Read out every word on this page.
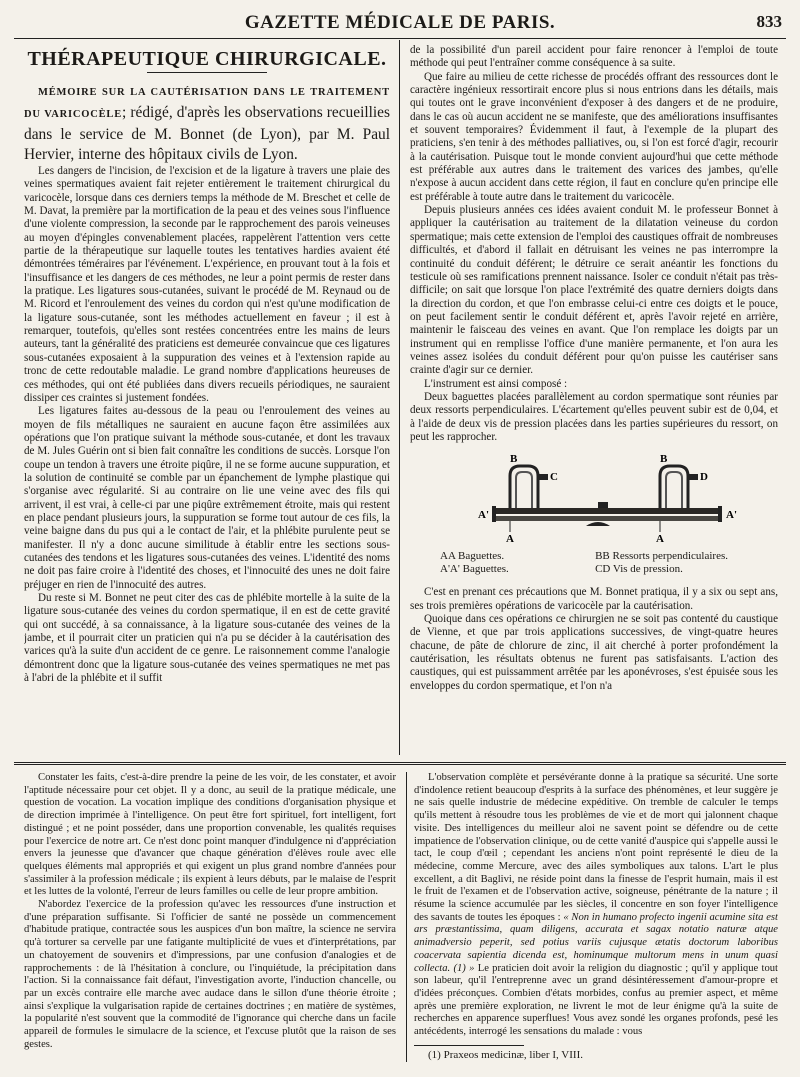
GAZETTE MÉDICALE DE PARIS.	833
THÉRAPEUTIQUE CHIRURGICALE.

MÉMOIRE SUR LA CAUTÉRISATION DANS LE TRAITEMENT DU VARICOCÈLE; rédigé, d'après les observations recueillies dans le service de M. Bonnet (de Lyon), par M. Paul Hervier, interne des hôpitaux civils de Lyon.

Les dangers de l'incision, de l'excision et de la ligature à travers une plaie des veines spermatiques avaient fait rejeter entièrement le traitement chirurgical du varicocèle, lorsque dans ces derniers temps la méthode de M. Breschet et celle de M. Davat, la première par la mortification de la peau et des veines sous l'influence d'une violente compression, la seconde par le rapprochement des parois veineuses au moyen d'épingles convenablement placées, rappelèrent l'attention vers cette partie de la thérapeutique sur laquelle toutes les tentatives hardies avaient été démontrées téméraires par l'événement. L'expérience, en prouvant tout à la fois et l'insuffisance et les dangers de ces méthodes, ne leur a point permis de rester dans la pratique. Les ligatures sous-cutanées, suivant le procédé de M. Reynaud ou de M. Ricord et l'enroulement des veines du cordon qui n'est qu'une modification de la ligature sous-cutanée, sont les méthodes actuellement en faveur ; il est à remarquer, toutefois, qu'elles sont restées concentrées entre les mains de leurs auteurs, tant la généralité des praticiens est demeurée convaincue que ces ligatures sous-cutanées exposaient à la suppuration des veines et à l'extension rapide au tronc de cette redoutable maladie. Le grand nombre d'applications heureuses de ces méthodes, qui ont été publiées dans divers recueils périodiques, ne sauraient dissiper ces craintes si justement fondées.

Les ligatures faites au-dessous de la peau ou l'enroulement des veines au moyen de fils métalliques ne sauraient en aucune façon être assimilées aux opérations que l'on pratique suivant la méthode sous-cutanée, et dont les travaux de M. Jules Guérin ont si bien fait connaître les conditions de succès. Lorsque l'on coupe un tendon à travers une étroite piqûre, il ne se forme aucune suppuration, et la solution de continuité se comble par un épanchement de lymphe plastique qui s'organise avec régularité. Si au contraire on lie une veine avec des fils qui arrivent, il est vrai, à celle-ci par une piqûre extrêmement étroite, mais qui restent en place pendant plusieurs jours, la suppuration se forme tout autour de ces fils, la veine baigne dans du pus qui a le contact de l'air, et la phlébite purulente peut se manifester. Il n'y a donc aucune similitude à établir entre les sections sous-cutanées des tendons et les ligatures sous-cutanées des veines. L'identité des noms ne doit pas faire croire à l'identité des choses, et l'innocuité des unes ne doit faire préjuger en rien de l'innocuité des autres.

Du reste si M. Bonnet ne peut citer des cas de phlébite mortelle à la suite de la ligature sous-cutanée des veines du cordon spermatique, il en est de cette gravité qui ont succédé, à sa connaissance, à la ligature sous-cutanée des veines de la jambe, et il pourrait citer un praticien qui n'a pu se décider à la cautérisation des varices qu'à la suite d'un accident de ce genre. Le raisonnement comme l'analogie démontrent donc que la ligature sous-cutanée des veines spermatiques ne met pas à l'abri de la phlébite et il suffit

de la possibilité d'un pareil accident pour faire renoncer à l'emploi de toute méthode qui peut l'entraîner comme conséquence à sa suite.

Que faire au milieu de cette richesse de procédés offrant des ressources dont le caractère ingénieux ressortirait encore plus si nous entrions dans les détails, mais qui toutes ont le grave inconvénient d'exposer à des dangers et de ne produire, dans le cas où aucun accident ne se manifeste, que des améliorations insuffisantes et souvent temporaires? Évidemment il faut, à l'exemple de la plupart des praticiens, s'en tenir à des méthodes palliatives, ou, si l'on est forcé d'agir, recourir à la cautérisation. Puisque tout le monde convient aujourd'hui que cette méthode est préférable aux autres dans le traitement des varices des jambes, qu'elle n'expose à aucun accident dans cette région, il faut en conclure qu'en principe elle est préférable à toute autre dans le traitement du varicocèle.

Depuis plusieurs années ces idées avaient conduit M. le professeur Bonnet à appliquer la cautérisation au traitement de la dilatation veineuse du cordon spermatique; mais cette extension de l'emploi des caustiques offrait de nombreuses difficultés, et d'abord il fallait en détruisant les veines ne pas interrompre la continuité du conduit déférent; le détruire ce serait anéantir les fonctions du testicule où ses ramifications prennent naissance. Isoler ce conduit n'était pas très-difficile; on sait que lorsque l'on place l'extrémité des quatre derniers doigts dans la direction du cordon, et que l'on embrasse celui-ci entre ces doigts et le pouce, on peut facilement sentir le conduit déférent et, après l'avoir rejeté en arrière, maintenir le faisceau des veines en avant. Que l'on remplace les doigts par un instrument qui en remplisse l'office d'une manière permanente, et l'on aura les veines assez isolées du conduit déférent pour qu'on puisse les cautériser sans crainte d'agir sur ce dernier.

L'instrument est ainsi composé :

Deux baguettes placées parallèlement au cordon spermatique sont réunies par deux ressorts perpendiculaires. L'écartement qu'elles peuvent subir est de 0,04, et à l'aide de deux vis de pression placées dans les parties supérieures du ressort, on peut les rapprocher.

B	B
C	D
A'	A'
A	A
AA Baguettes.
A'A' Baguettes.
BB Ressorts perpendiculaires.
CD Vis de pression.

C'est en prenant ces précautions que M. Bonnet pratiqua, il y a six ou sept ans, ses trois premières opérations de varicocèle par la cautérisation.

Quoique dans ces opérations ce chirurgien ne se soit pas contenté du caustique de Vienne, et que par trois applications successives, de vingt-quatre heures chacune, de pâte de chlorure de zinc, il ait cherché à porter profondément la cautérisation, les résultats obtenus ne furent pas satisfaisants. L'action des caustiques, qui est puissamment arrêtée par les aponévroses, s'est épuisée sous les enveloppes du cordon spermatique, et l'on n'a

Constater les faits, c'est-à-dire prendre la peine de les voir, de les constater, et avoir l'aptitude nécessaire pour cet objet. Il y a donc, au seuil de la pratique médicale, une question de vocation. La vocation implique des conditions d'organisation physique et de direction imprimée à l'intelligence. On peut être fort spirituel, fort intelligent, fort distingué ; et ne point posséder, dans une proportion convenable, les qualités requises pour l'exercice de notre art. Ce n'est donc point manquer d'indulgence ni d'appréciation envers la jeunesse que d'avancer que chaque génération d'élèves roule avec elle quelques éléments mal appropriés et qui exigent un plus grand nombre d'années pour s'assimiler à la profession médicale ; ils expient à leurs débuts, par le malaise de l'esprit et les luttes de la volonté, l'erreur de leurs familles ou celle de leur propre ambition.

N'abordez l'exercice de la profession qu'avec les ressources d'une instruction et d'une préparation suffisante. Si l'officier de santé ne possède un commencement d'habitude pratique, contractée sous les auspices d'un bon maître, la science ne servira qu'à torturer sa cervelle par une fatigante multiplicité de vues et d'interprétations, par un chatoyement de souvenirs et d'impressions, par une confusion d'analogies et de rapprochements : de là l'hésitation à conclure, ou l'inquiétude, la précipitation dans l'action. Si la connaissance fait défaut, l'investigation avorte, l'induction chancelle, ou par un excès contraire elle marche avec audace dans le sillon d'une théorie étroite ; ainsi s'explique la vulgarisation rapide de certaines doctrines ; en matière de systèmes, la popularité n'est souvent que la commodité de l'ignorance qui cherche dans un facile appareil de formules le simulacre de la science, et l'excuse plutôt que la raison de ses gestes.

L'observation complète et persévérante donne à la pratique sa sécurité. Une sorte d'indolence retient beaucoup d'esprits à la surface des phénomènes, et leur suggère je ne sais quelle industrie de médecine expéditive. On tremble de calculer le temps qu'ils mettent à résoudre tous les problèmes de vie et de mort qui jalonnent chaque visite. Des intelligences du meilleur aloi ne savent point se défendre ou de cette impatience de l'observation clinique, ou de cette vanité d'auspice qui s'appelle aussi le tact, le coup d'œil ; cependant les anciens n'ont point représenté le dieu de la médecine, comme Mercure, avec des ailes symboliques aux talons. L'art le plus excellent, a dit Baglivi, ne réside point dans la finesse de l'esprit humain, mais il est le fruit de l'examen et de l'observation active, soigneuse, pénétrante de la nature ; il résume la science accumulée par les siècles, il concentre en son foyer l'intelligence des savants de toutes les époques : « Non in humano profecto ingenii acumine sita est ars præstantissima, quam diligens, accurata et sagax notatio naturæ atque animadversio peperit, sed potius variis cujusque ætatis doctorum laboribus coacervata sapientia dicenda est, hominumque multorum mens in unum quasi collecta. (1) » Le praticien doit avoir la religion du diagnostic ; qu'il y applique tout son labeur, qu'il l'entreprenne avec un grand désintéressement d'amour-propre et d'idées préconçues. Combien d'états morbides, confus au premier aspect, et même après une première exploration, ne livrent le mot de leur énigme qu'à la suite de recherches en apparence superflues! Vous avez sondé les organes profonds, pesé les antécédents, interrogé les sensations du malade : vous

(1) Praxeos medicinæ, liber I, VIII.
